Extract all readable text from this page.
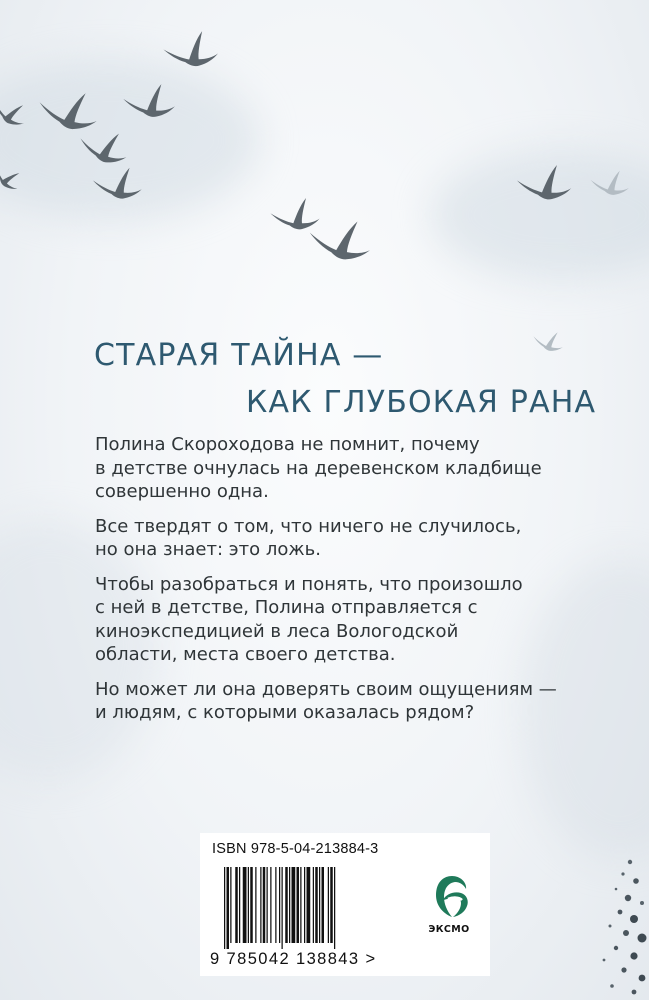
СТАРАЯ ТАЙНА —
КАК ГЛУБОКАЯ РАНА

Полина Скороходова не помнит, почему
в детстве очнулась на деревенском кладбище
совершенно одна.

Все твердят о том, что ничего не случилось,
но она знает: это ложь.

Чтобы разобраться и понять, что произошло
с ней в детстве, Полина отправляется с
киноэкспедицией в леса Вологодской
области, места своего детства.

Но может ли она доверять своим ощущениям —
и людям, с которыми оказалась рядом?

ISBN 978-5-04-213884-3
9 785042 138843 >
ЭКСМО
